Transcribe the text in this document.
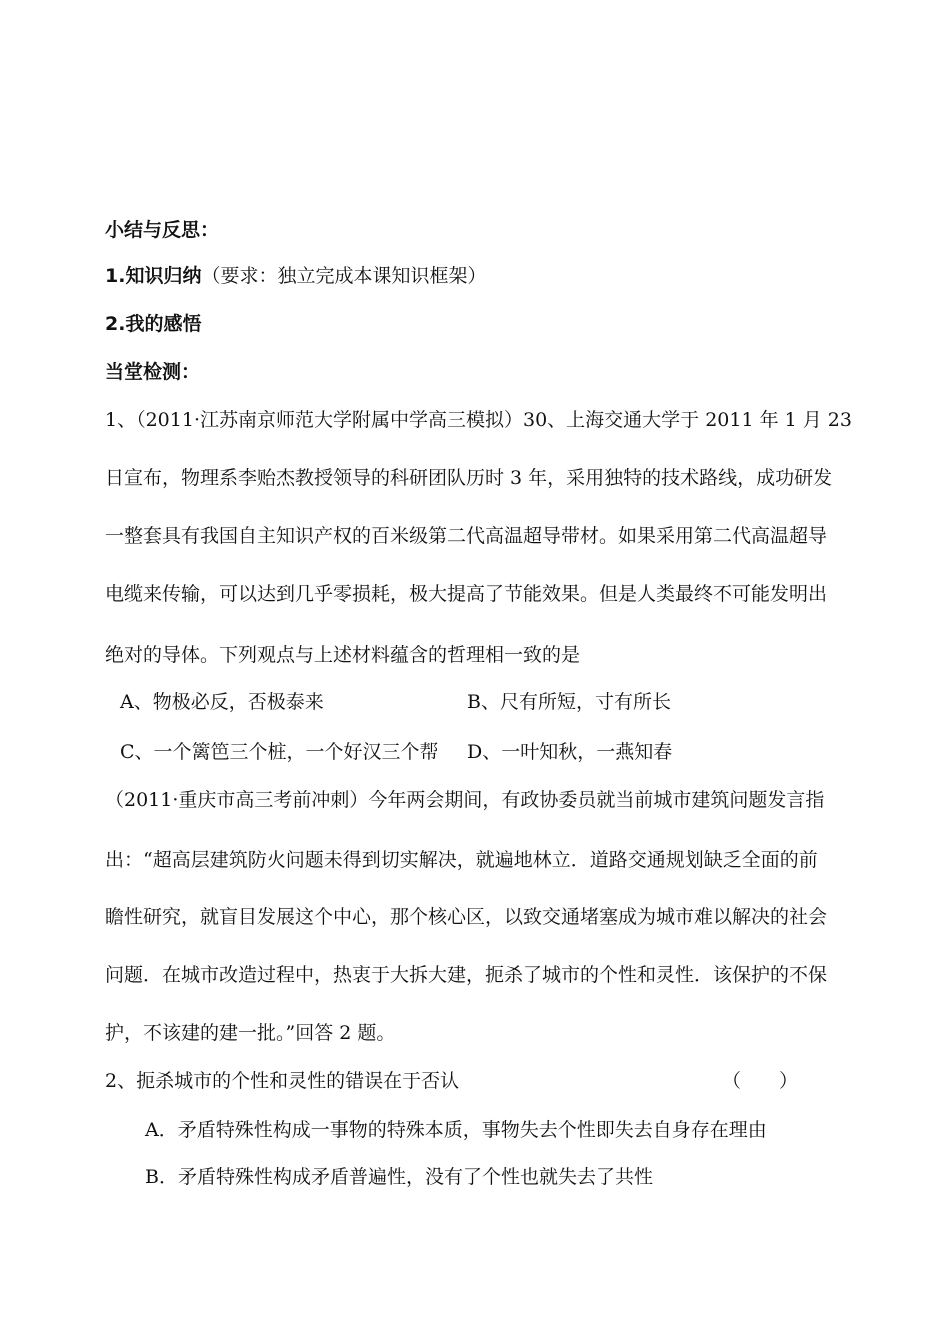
小结与反思：
1.知识归纳（要求：独立完成本课知识框架）
2.我的感悟
当堂检测：
1、（2011·江苏南京师范大学附属中学高三模拟）30、上海交通大学于 2011 年 1 月 23
日宣布，物理系李贻杰教授领导的科研团队历时 3 年，采用独特的技术路线，成功研发
一整套具有我国自主知识产权的百米级第二代高温超导带材。如果采用第二代高温超导
电缆来传输，可以达到几乎零损耗，极大提高了节能效果。但是人类最终不可能发明出
绝对的导体。下列观点与上述材料蕴含的哲理相一致的是
A、物极必反，否极泰来	B、尺有所短，寸有所长
C、一个篱笆三个桩，一个好汉三个帮 D、一叶知秋，一燕知春
（2011·重庆市高三考前冲刺）今年两会期间，有政协委员就当前城市建筑问题发言指
出：“超高层建筑防火问题未得到切实解决，就遍地林立．道路交通规划缺乏全面的前
瞻性研究，就盲目发展这个中心，那个核心区，以致交通堵塞成为城市难以解决的社会
问题．在城市改造过程中，热衷于大拆大建，扼杀了城市的个性和灵性．该保护的不保
护，不该建的建一批。”回答 2 题。
2、扼杀城市的个性和灵性的错误在于否认	（　　）
A．矛盾特殊性构成一事物的特殊本质，事物失去个性即失去自身存在理由
B．矛盾特殊性构成矛盾普遍性，没有了个性也就失去了共性
